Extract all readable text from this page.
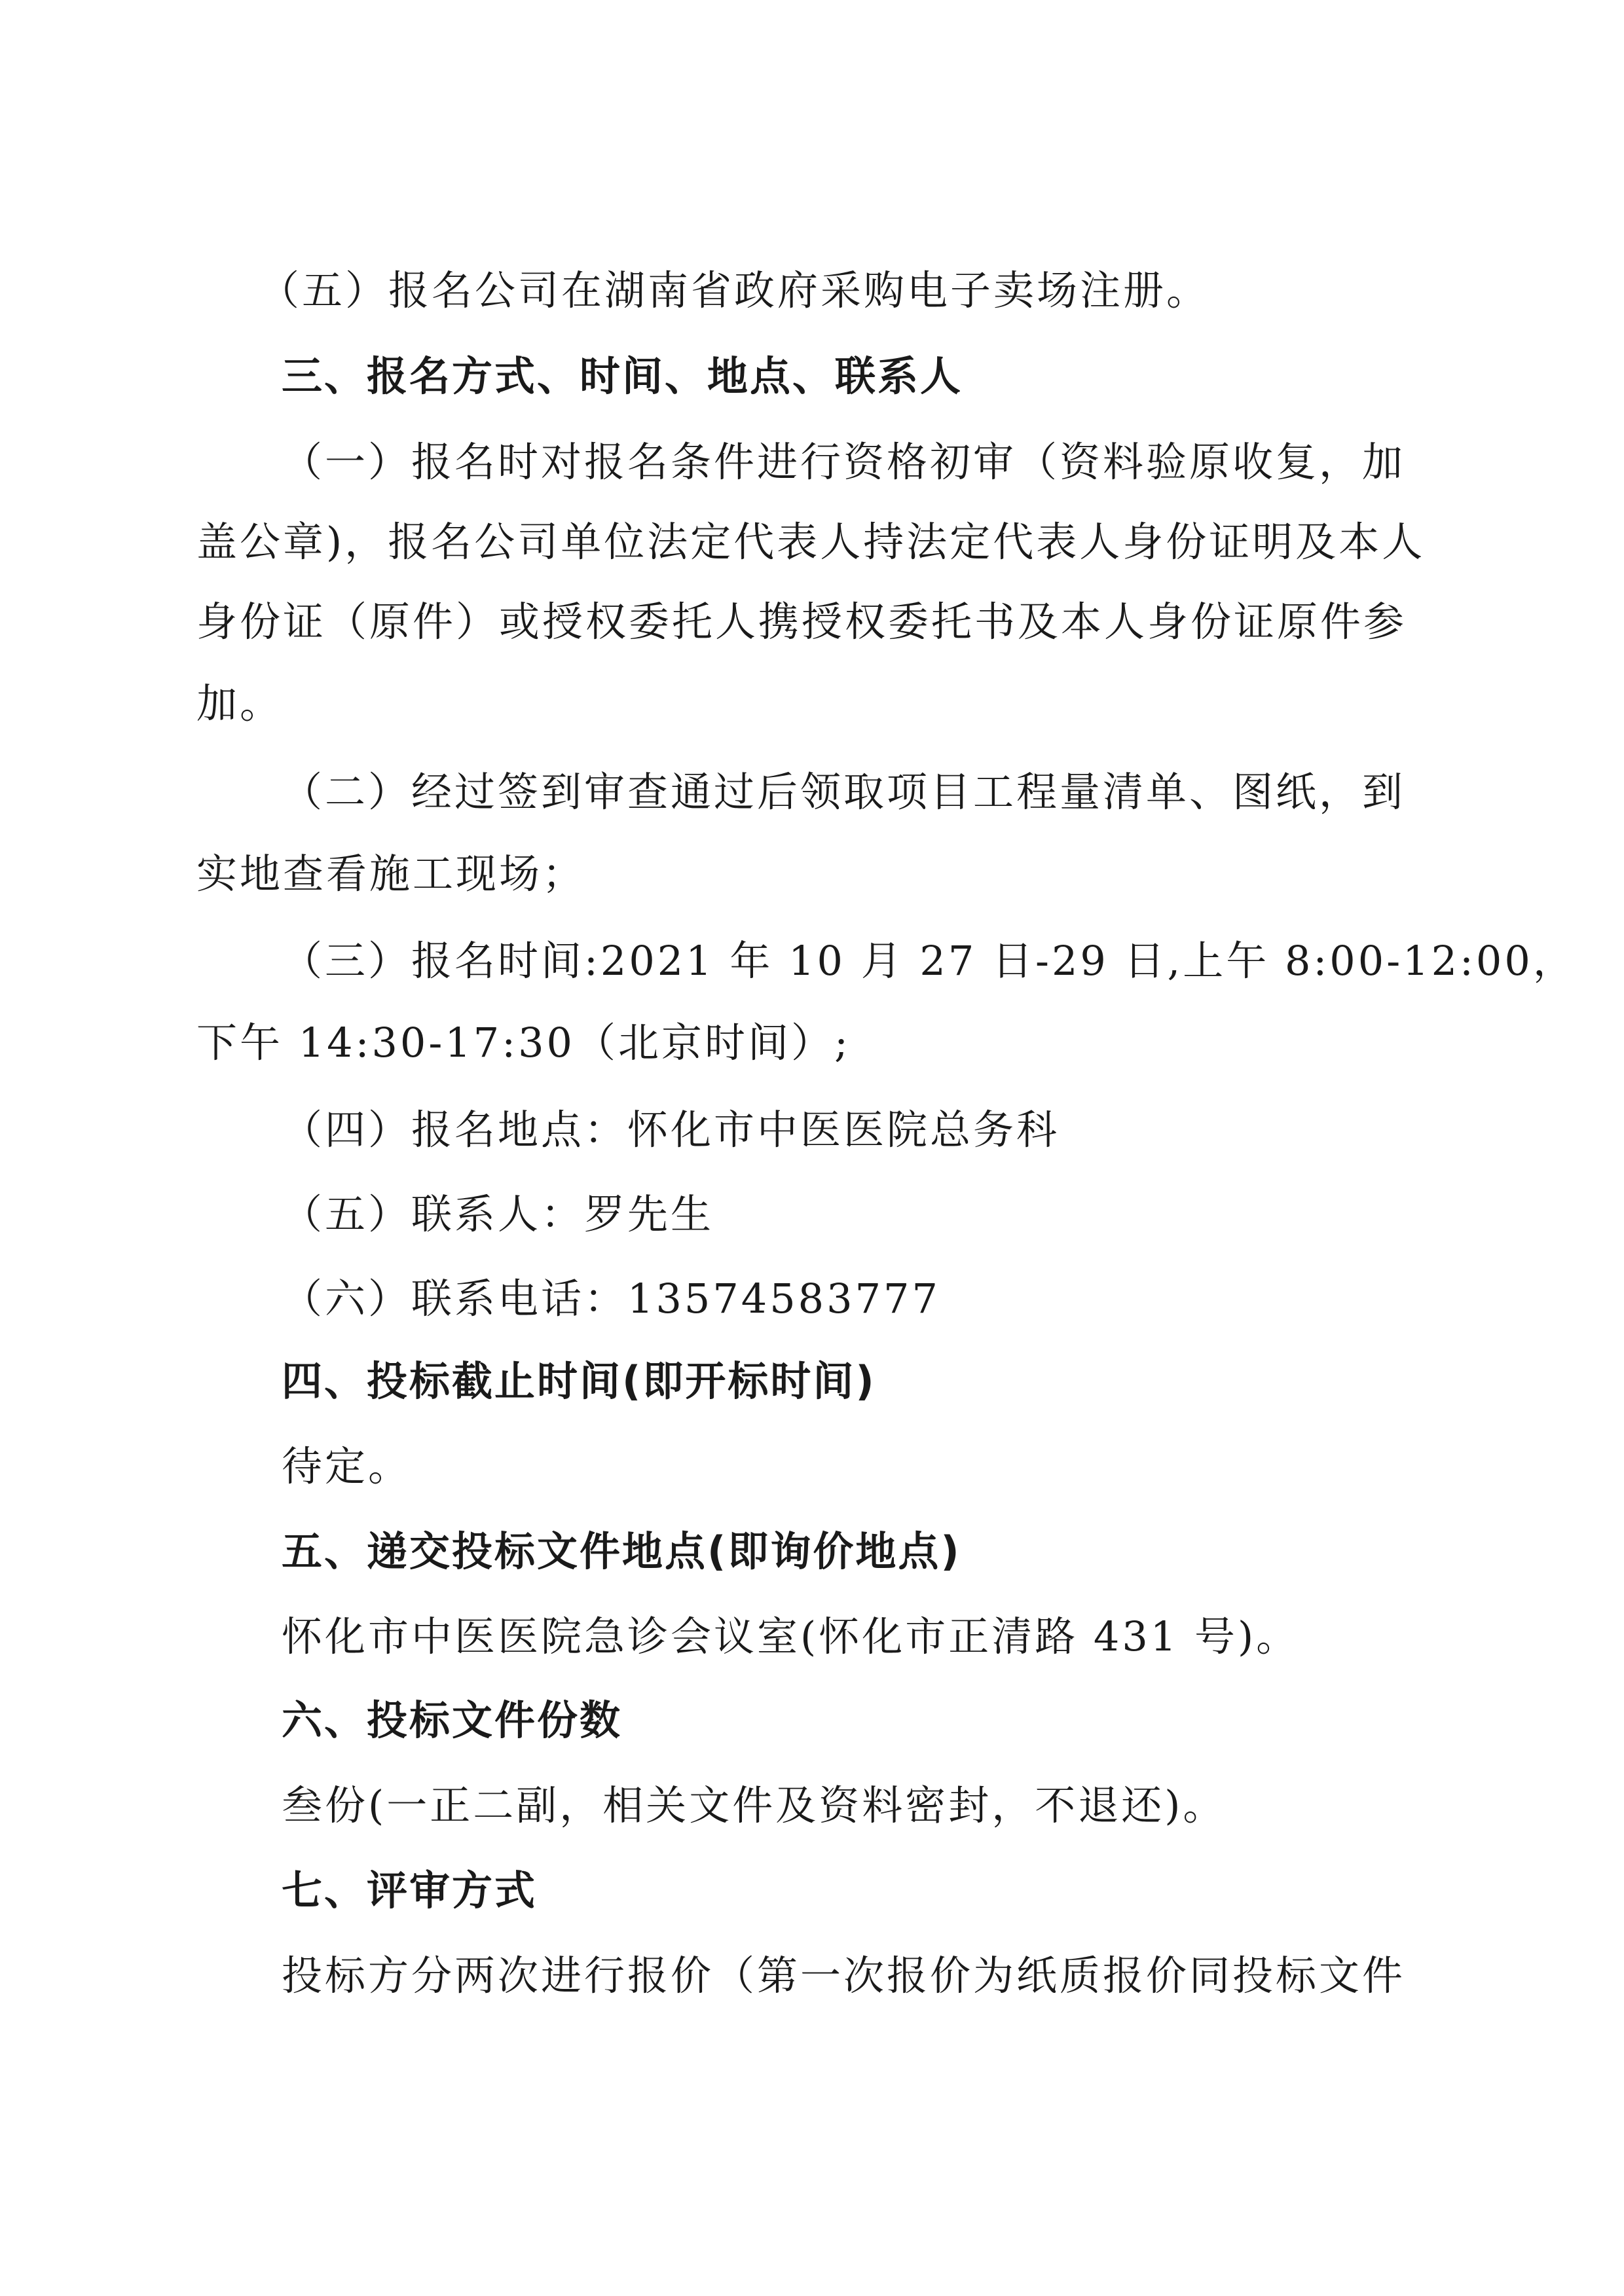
（五）报名公司在湖南省政府采购电子卖场注册。
三、报名方式、时间、地点、联系人
（一）报名时对报名条件进行资格初审（资料验原收复，加
盖公章)，报名公司单位法定代表人持法定代表人身份证明及本人
身份证（原件）或授权委托人携授权委托书及本人身份证原件参
加。
（二）经过签到审查通过后领取项目工程量清单、图纸，到
实地查看施工现场；
（三）报名时间:2021 年 10 月 27 日-29 日,上午 8:00-12:00，
下午 14:30-17:30（北京时间）;
（四）报名地点：怀化市中医医院总务科
（五）联系人：罗先生
（六）联系电话：13574583777
四、投标截止时间(即开标时间)
待定。
五、递交投标文件地点(即询价地点)
怀化市中医医院急诊会议室(怀化市正清路 431 号)。
六、投标文件份数
叁份(一正二副，相关文件及资料密封，不退还)。
七、评审方式
投标方分两次进行报价（第一次报价为纸质报价同投标文件
